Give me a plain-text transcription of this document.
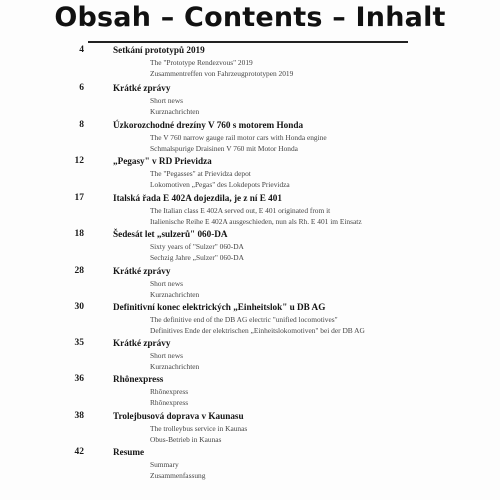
Obsah – Contents – Inhalt
4	Setkání prototypů 2019
The "Prototype Rendezvous" 2019
Zusammentreffen von Fahrzeugprototypen 2019
6	Krátké zprávy
Short news
Kurznachrichten
8	Úzkorozchodné drezíny V 760 s motorem Honda
The V 760 narrow gauge rail motor cars with Honda engine
Schmalspurige Draisinen V 760 mit Motor Honda
12	„Pegasy" v RD Prievidza
The "Pegasses" at Prievidza depot
Lokomotiven „Pegas" des Lokdepots Prievidza
17	Italská řada E 402A dojezdila, je z ní E 401
The Italian class E 402A served out, E 401 originated from it
Italienische Reihe E 402A ausgeschieden, nun als Rh. E 401 im Einsatz
18	Šedesát let „sulzerů" 060-DA
Sixty years of "Sulzer" 060-DA
Sechzig Jahre „Sulzer" 060-DA
28	Krátké zprávy
Short news
Kurznachrichten
30	Definitivní konec elektrických „Einheitslok" u DB AG
The definitive end of the DB AG electric "unified locomotives"
Definitives Ende der elektrischen „Einheitslokomotiven" bei der DB AG
35	Krátké zprávy
Short news
Kurznachrichten
36	Rhônexpress
Rhônexpress
Rhônexpress
38	Trolejbusová doprava v Kaunasu
The trolleybus service in Kaunas
Obus-Betrieb in Kaunas
42	Resume
Summary
Zusammenfassung
